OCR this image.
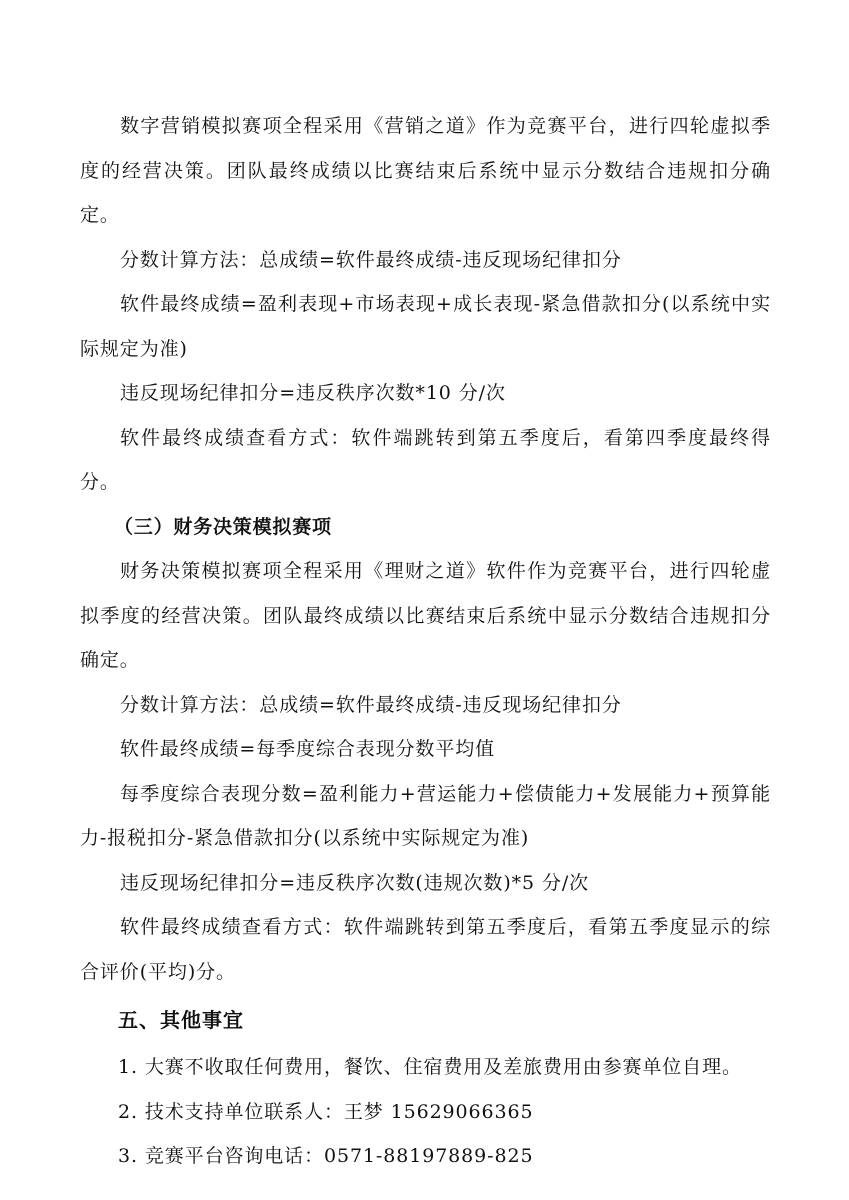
数字营销模拟赛项全程采用《营销之道》作为竞赛平台，进行四轮虚拟季度的经营决策。团队最终成绩以比赛结束后系统中显示分数结合违规扣分确定。

分数计算方法：总成绩=软件最终成绩-违反现场纪律扣分

软件最终成绩=盈利表现+市场表现+成长表现-紧急借款扣分(以系统中实际规定为准)

违反现场纪律扣分=违反秩序次数*10 分/次

软件最终成绩查看方式：软件端跳转到第五季度后，看第四季度最终得分。

（三）财务决策模拟赛项

财务决策模拟赛项全程采用《理财之道》软件作为竞赛平台，进行四轮虚拟季度的经营决策。团队最终成绩以比赛结束后系统中显示分数结合违规扣分确定。

分数计算方法：总成绩=软件最终成绩-违反现场纪律扣分

软件最终成绩=每季度综合表现分数平均值

每季度综合表现分数=盈利能力+营运能力+偿债能力+发展能力+预算能力-报税扣分-紧急借款扣分(以系统中实际规定为准)

违反现场纪律扣分=违反秩序次数(违规次数)*5 分/次

软件最终成绩查看方式：软件端跳转到第五季度后，看第五季度显示的综合评价(平均)分。

五、其他事宜

1. 大赛不收取任何费用，餐饮、住宿费用及差旅费用由参赛单位自理。

2. 技术支持单位联系人：王梦 15629066365

3. 竞赛平台咨询电话：0571-88197889-825
